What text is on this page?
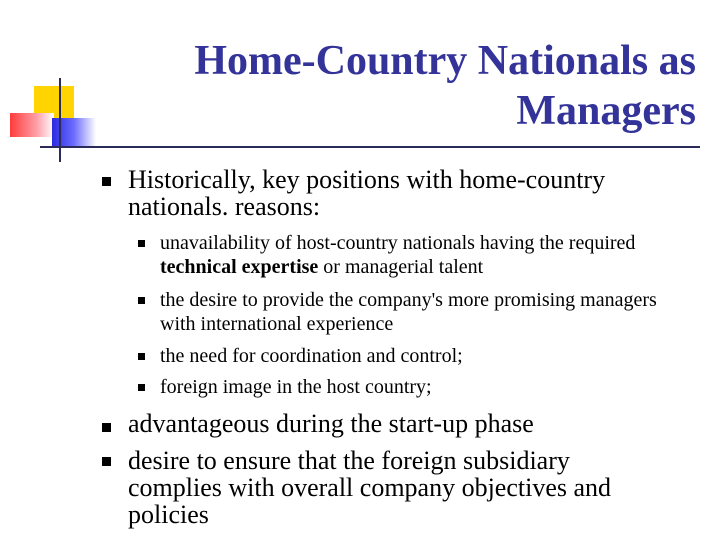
Home-Country Nationals as Managers
Historically, key positions with home-country nationals. reasons:
unavailability of host-country nationals having the required technical expertise or managerial talent
the desire to provide the company's more promising managers with international experience
the need for coordination and control;
foreign image in the host country;
advantageous during the start-up phase
desire to ensure that the foreign subsidiary complies with overall company objectives and policies
